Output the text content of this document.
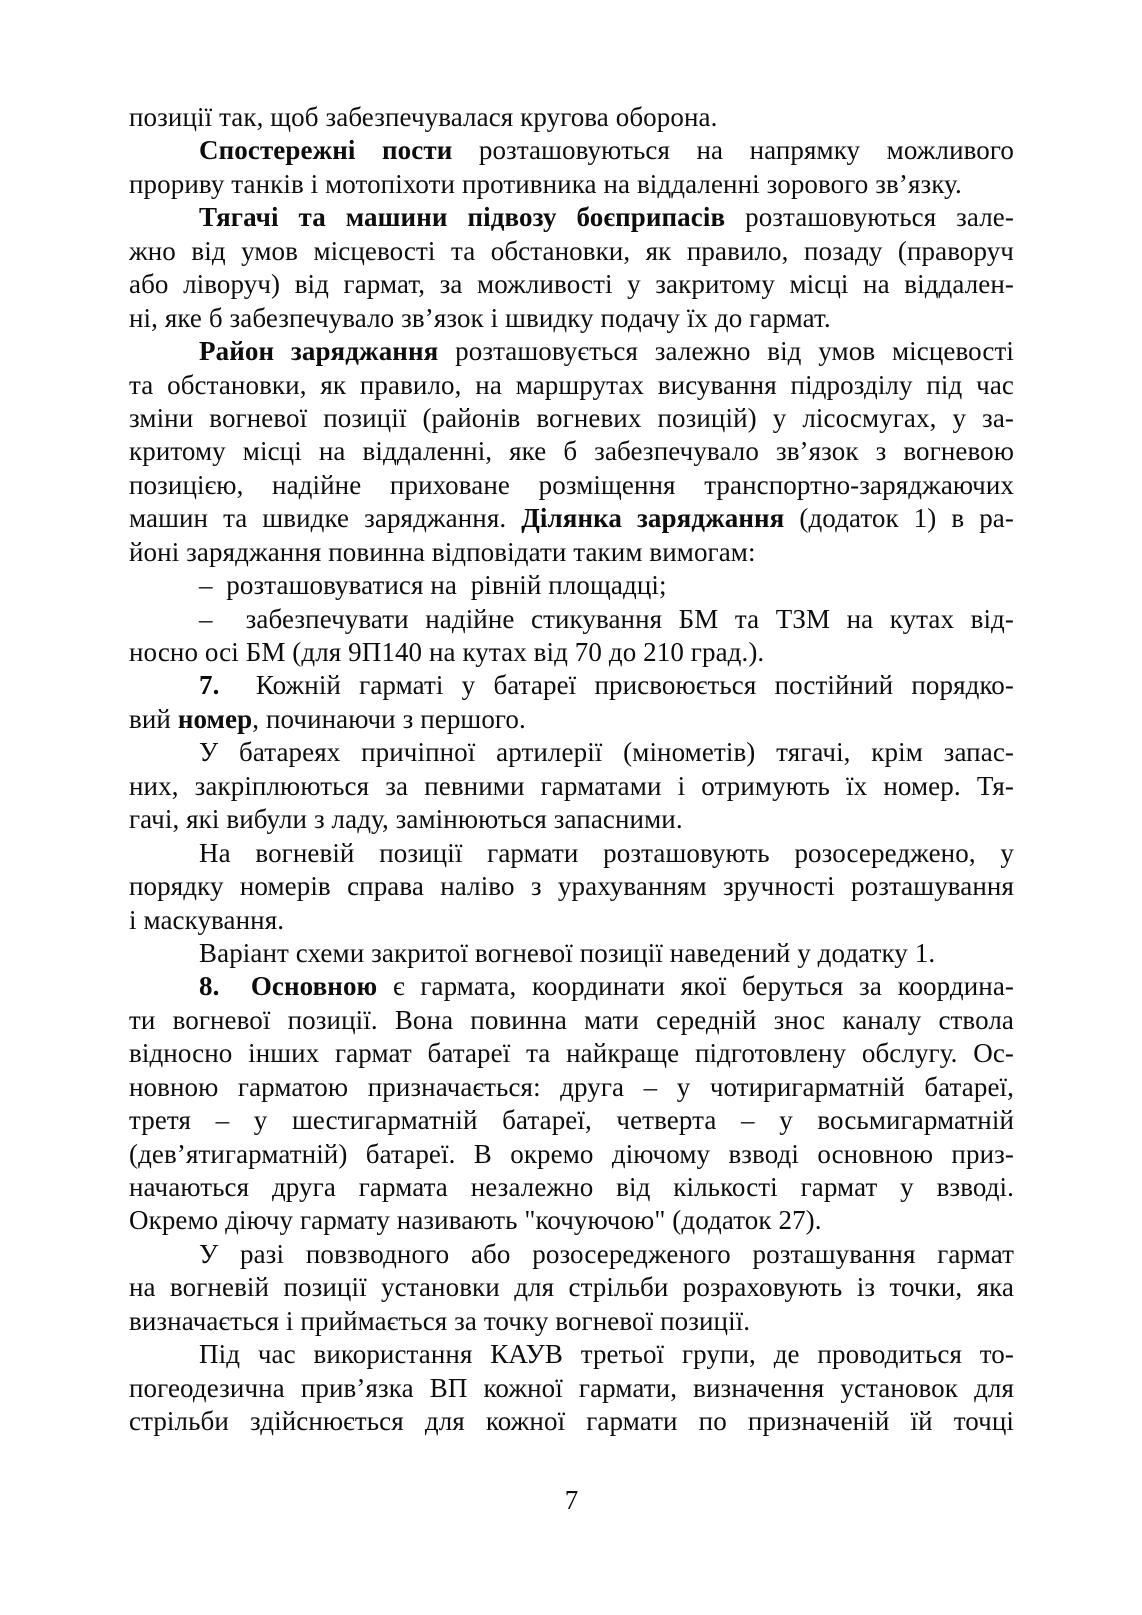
позиції так, щоб забезпечувалася кругова оборона.
Спостережні пости розташовуються на напрямку можливого
прориву танків і мотопіхоти противника на віддаленні зорового зв’язку.
Тягачі та машини підвозу боєприпасів розташовуються зале-
жно від умов місцевості та обстановки, як правило, позаду (праворуч
або ліворуч) від гармат, за можливості у закритому місці на віддален-
ні, яке б забезпечувало зв’язок і швидку подачу їх до гармат.
Район заряджання розташовується залежно від умов місцевості
та обстановки, як правило, на маршрутах висування підрозділу під час
зміни вогневої позиції (районів вогневих позицій) у лісосмугах, у за-
критому місці на віддаленні, яке б забезпечувало зв’язок з вогневою
позицією, надійне приховане розміщення транспортно-заряджаючих
машин та швидке заряджання. Ділянка заряджання (додаток 1) в ра-
йоні заряджання повинна відповідати таким вимогам:
–  розташовуватися на  рівній площадці;
–  забезпечувати надійне стикування БМ та ТЗМ на кутах від-
носно осі БМ (для 9П140 на кутах від 70 до 210 град.).
7.  Кожній гарматі у батареї присвоюється постійний порядко-
вий номер, починаючи з першого.
У батареях причіпної артилерії (мінометів) тягачі, крім запас-
них, закріплюються за певними гарматами і отримують їх номер. Тя-
гачі, які вибули з ладу, замінюються запасними.
На вогневій позиції гармати розташовують розосереджено, у
порядку номерів справа наліво з урахуванням зручності розташування
і маскування.
Варіант схеми закритої вогневої позиції наведений у додатку 1.
8.  Основною є гармата, координати якої беруться за координа-
ти вогневої позиції. Вона повинна мати середній знос каналу ствола
відносно інших гармат батареї та найкраще підготовлену обслугу. Ос-
новною гарматою призначається: друга – у чотиригарматній батареї,
третя – у шестигарматній батареї, четверта – у восьмигарматній
(дев’ятигарматній) батареї. В окремо діючому взводі основною приз-
начаються друга гармата незалежно від кількості гармат у взводі.
Окремо діючу гармату називають "кочуючою" (додаток 27).
У разі повзводного або розосередженого розташування гармат
на вогневій позиції установки для стрільби розраховують із точки, яка
визначається і приймається за точку вогневої позиції.
Під час використання КАУВ третьої групи, де проводиться то-
погеодезична прив’язка ВП кожної гармати, визначення установок для
стрільби здійснюється для кожної гармати по призначеній їй точці
7
